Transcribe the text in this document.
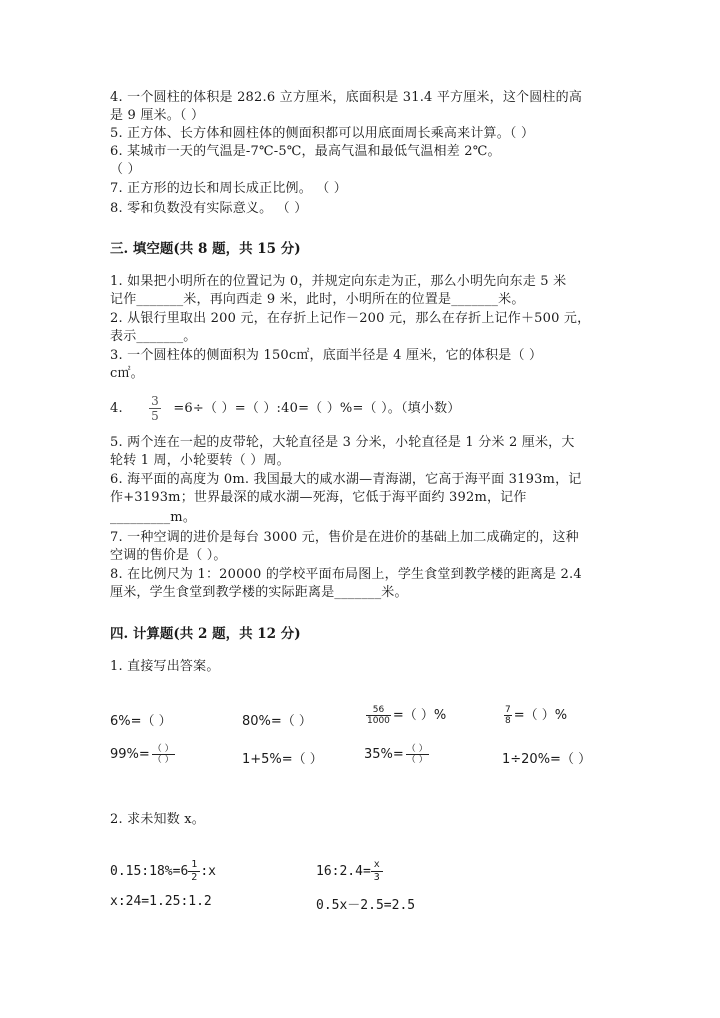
4. 一个圆柱的体积是 282.6 立方厘米，底面积是 31.4 平方厘米，这个圆柱的高
是 9 厘米。（ ）
5. 正方体、长方体和圆柱体的侧面积都可以用底面周长乘高来计算。（ ）
6. 某城市一天的气温是-7℃-5℃，最高气温和最低气温相差 2℃。
（ ）
7. 正方形的边长和周长成正比例。 （ ）
8. 零和负数没有实际意义。 （ ）
三. 填空题(共 8 题，共 15 分)
1. 如果把小明所在的位置记为 0，并规定向东走为正，那么小明先向东走 5 米
记作_______米，再向西走 9 米，此时，小明所在的位置是_______米。
2. 从银行里取出 200 元，在存折上记作－200 元，那么在存折上记作＋500 元，
表示_______。
3. 一个圆柱体的侧面积为 150c㎡，底面半径是 4 厘米，它的体积是（ ）
c㎡。
4. $\frac{3}{5} =6\div$（ ）=（ ）:40=（ ）%=（ ）。（填小数）
5. 两个连在一起的皮带轮，大轮直径是 3 分米，小轮直径是 1 分米 2 厘米，大
轮转 1 周，小轮要转（ ）周。
6. 海平面的高度为 0m. 我国最大的咸水湖—青海湖，它高于海平面 3193m，记
作+3193m；世界最深的咸水湖—死海，它低于海平面约 392m，记作
_________m。
7. 一种空调的进价是每台 3000 元，售价是在进价的基础上加二成确定的，这种
空调的售价是（ ）。
8. 在比例尺为 1：20000 的学校平面布局图上，学生食堂到教学楼的距离是 2.4
厘米，学生食堂到教学楼的实际距离是_______米。
四. 计算题(共 2 题，共 12 分)
1. 直接写出答案。
6%=（ ）	80%=（ ）	$\frac{56}{1000}$ =（ ）%	$\frac{7}{8}$ =（ ）%
$99\%= \frac{( )}{( )}$	1+5%=（ ）	$35\%= \frac{( )}{( )}$	1÷20%=（ ）
2. 求未知数 x。
0.15:18%=6 $\frac{1}{2}$ :x	16:2.4= $\frac{x}{3}$
x:24=1.25:1.2	0.5x－2.5=2.5
